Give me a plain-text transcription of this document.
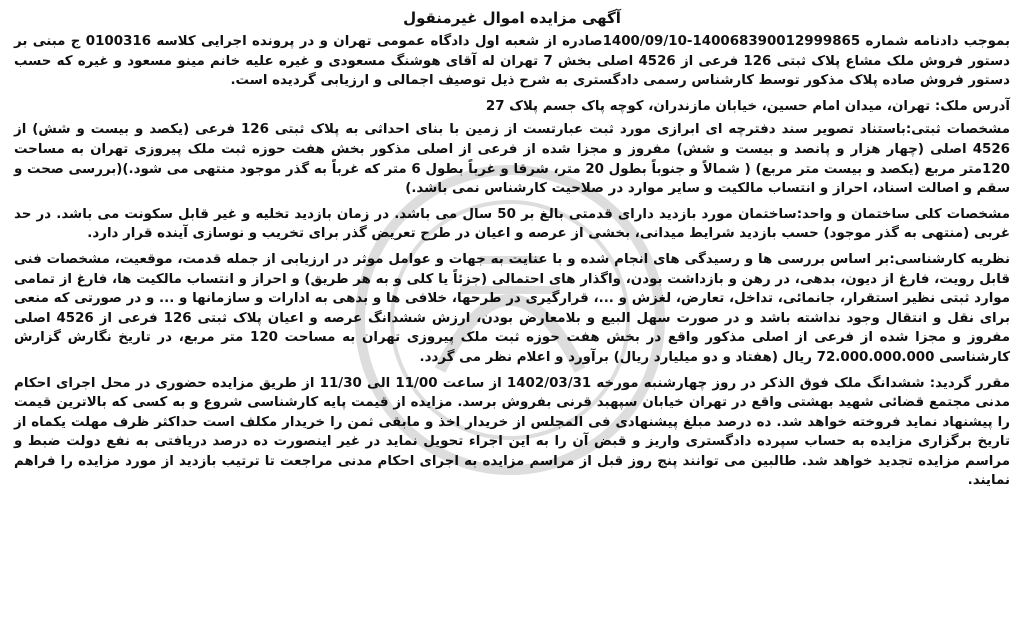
آگهی مزایده اموال غیرمنقول

بموجب دادنامه شماره 140068390012999865-1400/09/10صادره از شعبه اول دادگاه عمومی تهران و در پرونده اجرایی کلاسه 0100316 ج مبنی بر دستور فروش ملک مشاع پلاک ثبتی 126 فرعی از 4526 اصلی بخش 7 تهران له آقای هوشنگ مسعودی و غیره علیه خانم مینو مسعود و غیره که حسب دستور فروش صاده پلاک مذکور توسط کارشناس رسمی دادگستری به شرح ذیل توصیف اجمالی و ارزیابی گردیده است.

آدرس ملک: تهران، میدان امام حسین، خیابان مازندران، کوچه پاک جسم پلاک 27

مشخصات ثبتی:باستناد تصویر سند دفترچه ای ابرازی مورد ثبت عبارتست از زمین با بنای احداثی به پلاک ثبتی 126 فرعی (یکصد و بیست و شش) از 4526 اصلی (چهار هزار و پانصد و بیست و شش) مفروز و مجزا شده از فرعی از اصلی مذکور بخش هفت حوزه ثبت ملک پیروزی تهران به مساحت 120متر مربع (یکصد و بیست متر مربع) ( شمالاً و جنوباً بطول 20 متر، شرقا و غرباً بطول 6 متر که غرباً به گذر موجود منتهی می شود.)(بررسی صحت و سقم و اصالت اسناد، احراز و انتساب مالکیت و سایر موارد در صلاحیت کارشناس نمی باشد.)

مشخصات کلی ساختمان و واحد:ساختمان مورد بازدید دارای قدمتی بالغ بر 50 سال می باشد. در زمان بازدید تخلیه و غیر قابل سکونت می باشد. در حد غربی (منتهی به گذر موجود) حسب بازدید شرایط میدانی، بخشی از عرصه و اعیان در طرح تعریض گذر برای تخریب و نوسازی آینده قرار دارد.

نظریه کارشناسی:بر اساس بررسی ها و رسیدگی های انجام شده و با عنایت به جهات و عوامل موثر در ارزیابی از جمله قدمت، موقعیت، مشخصات فنی قابل رویت، فارغ از دیون، بدهی، در رهن و بازداشت بودن، واگذار های احتمالی (جزئاً یا کلی و به هر طریق) و احراز و انتساب مالکیت ها، فارغ از تمامی موارد ثبتی نظیر استقرار، جانمائی، تداخل، تعارض، لغزش و ...، قرارگیری در طرحها، خلافی ها و بدهی به ادارات و سازمانها و ... و در صورتی که منعی برای نقل و انتقال وجود نداشته باشد و در صورت سهل البیع و بلامعارض بودن، ارزش ششدانگ عرصه و اعیان پلاک ثبتی 126 فرعی از 4526 اصلی مفروز و مجزا شده از فرعی از اصلی مذکور واقع در بخش هفت حوزه ثبت ملک پیروزی تهران به مساحت 120 متر مربع، در تاریخ نگارش گزارش کارشناسی 72.000.000.000 ریال (هفتاد و دو میلیارد ریال) برآورد و اعلام نظر می گردد.

مقرر گردید: ششدانگ ملک فوق الذکر در روز چهارشنبه مورخه 1402/03/31 از ساعت 11/00 الی 11/30 از طریق مزایده حضوری در محل اجرای احکام مدنی مجتمع قضائی شهید بهشتی واقع در تهران خیابان سپهبد قرنی بفروش برسد. مزایده از قیمت پایه کارشناسی شروع و به کسی که بالاترین قیمت را پیشنهاد نماید فروخته خواهد شد. ده درصد مبلغ پیشنهادی فی المجلس از خریدار اخذ و مابقی ثمن را خریدار مکلف است حداکثر ظرف مهلت یکماه از تاریخ برگزاری مزایده به حساب سپرده دادگستری واریز و قبض آن را به این اجراء تحویل نماید در غیر اینصورت ده درصد دریافتی به نفع دولت ضبط و مراسم مزایده تجدید خواهد شد. طالبین می توانند پنج روز قبل از مراسم مزایده به اجرای احکام مدنی مراجعت تا ترتیب بازدید از مورد مزایده را فراهم نمایند.
